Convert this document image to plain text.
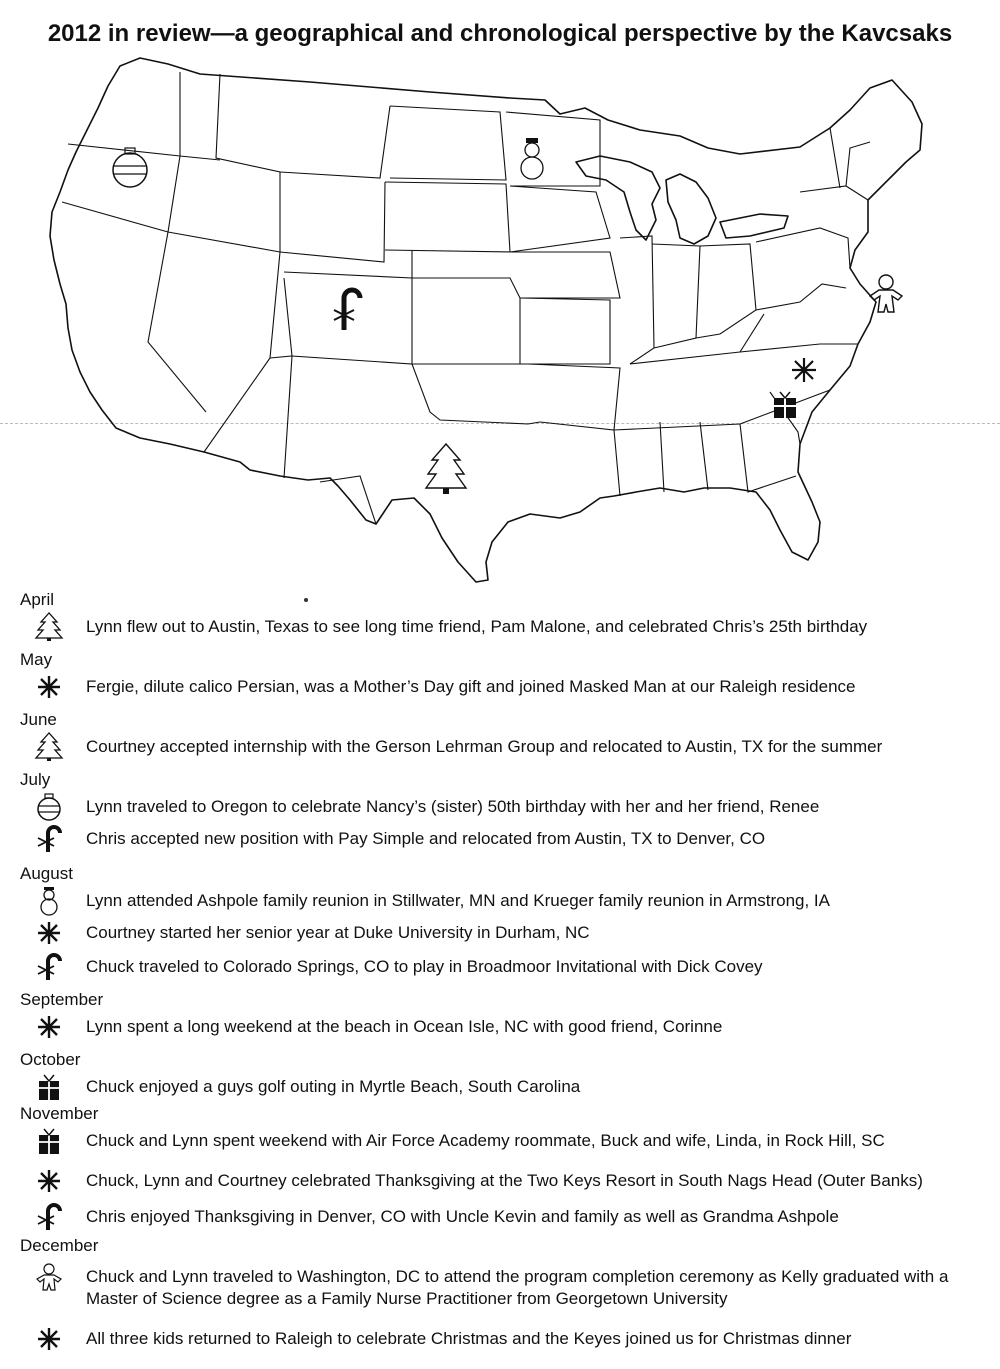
2012 in review—a geographical and chronological perspective by the Kavcsaks
April
Lynn flew out to Austin, Texas to see long time friend, Pam Malone, and celebrated Chris’s 25th birthday
May
Fergie, dilute calico Persian, was a Mother’s Day gift and joined Masked Man at our Raleigh residence
June
Courtney accepted internship with the Gerson Lehrman Group and relocated to Austin, TX for the summer
July
Lynn traveled to Oregon to celebrate Nancy’s (sister) 50th birthday with her and her friend, Renee
Chris accepted new position with Pay Simple and relocated from Austin, TX to Denver, CO
August
Lynn attended Ashpole family reunion in Stillwater, MN and Krueger family reunion in Armstrong, IA
Courtney started her senior year at Duke University in Durham, NC
Chuck traveled to Colorado Springs, CO to play in Broadmoor Invitational with Dick Covey
September
Lynn spent a long weekend at the beach in Ocean Isle, NC with good friend, Corinne
October
Chuck enjoyed a guys golf outing in Myrtle Beach, South Carolina
November
Chuck and Lynn spent weekend with Air Force Academy roommate, Buck and wife, Linda, in Rock Hill, SC
Chuck, Lynn and Courtney celebrated Thanksgiving at the Two Keys Resort in South Nags Head (Outer Banks)
Chris enjoyed Thanksgiving in Denver, CO with Uncle Kevin and family as well as Grandma Ashpole
December
Chuck and Lynn traveled to Washington, DC to attend the program completion ceremony as Kelly graduated with a Master of Science degree as a Family Nurse Practitioner from Georgetown University
All three kids returned to Raleigh to celebrate Christmas and the Keyes joined us for Christmas dinner
